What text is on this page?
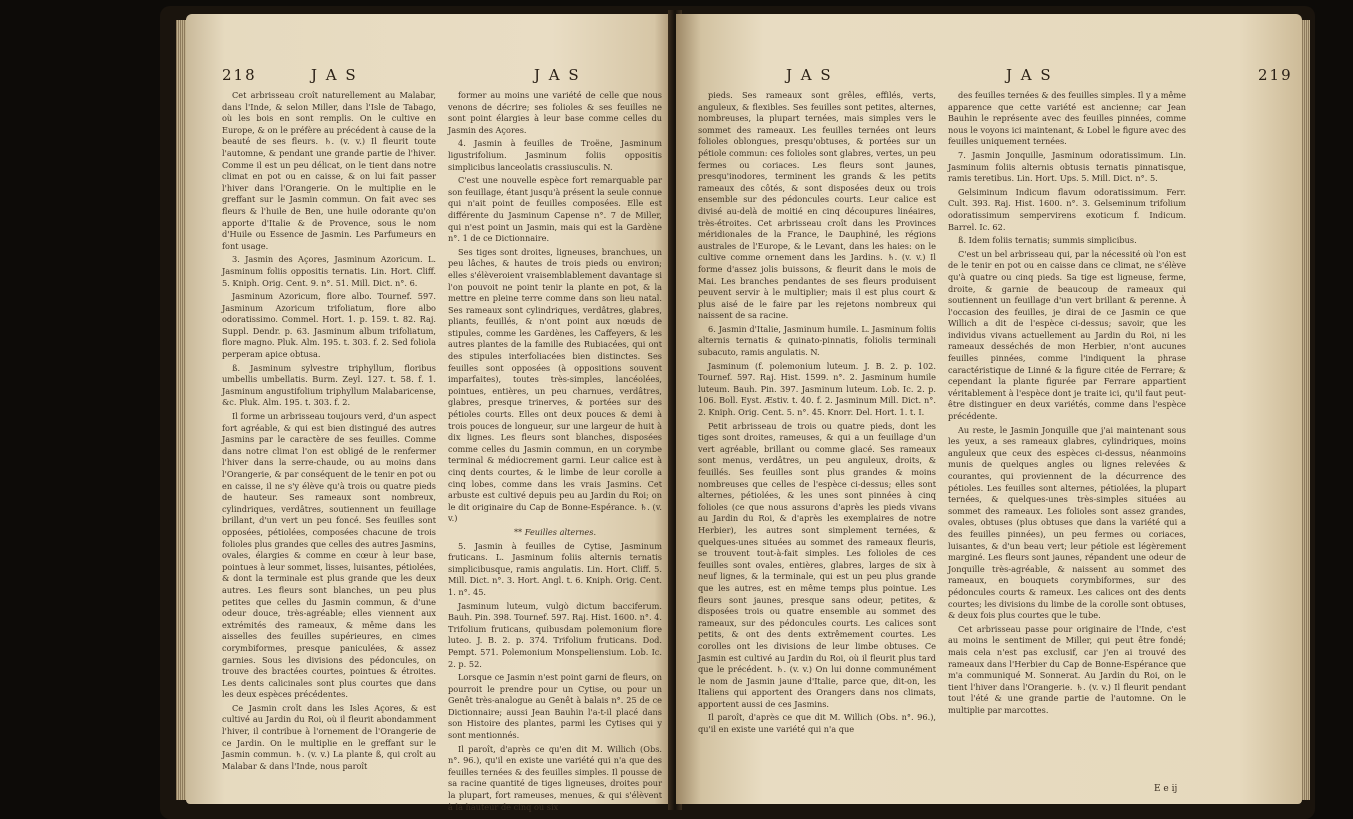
218	J A S	J A S

Cet arbrisseau croît naturellement au Malabar, dans l'Inde, & selon Miller, dans l'Isle de Tabago, où les bois en sont remplis. On le cultive en Europe, & on le préfère au précédent à cause de la beauté de ses fleurs. ♄. (v. v.) Il fleurit toute l'automne, & pendant une grande partie de l'hiver. Comme il est un peu délicat, on le tient dans notre climat en pot ou en caisse, & on lui fait passer l'hiver dans l'Orangerie. On le multiplie en le greffant sur le Jasmin commun. On fait avec ses fleurs & l'huile de Ben, une huile odorante qu'on apporte d'Italie & de Provence, sous le nom d'Huile ou Essence de Jasmin. Les Parfumeurs en font usage.

3. Jasmin des Açores, Jasminum Azoricum. L. Jasminum foliis oppositis ternatis. Lin. Hort. Cliff. 5. Kniph. Orig. Cent. 9. n°. 51. Mill. Dict. n°. 6.

Jasminum Azoricum, flore albo. Tournef. 597. Jasminum Azoricum trifoliatum, flore albo odoratissimo. Commel. Hort. 1. p. 159. t. 82. Raj. Suppl. Dendr. p. 63. Jasminum album trifoliatum, flore magno. Pluk. Alm. 195. t. 303. f. 2. Sed foliola perperam apice obtusa.

ß. Jasminum sylvestre triphyllum, floribus umbellis umbellatis. Burm. Zeyl. 127. t. 58. f. 1. Jasminum angustifolium triphyllum Malabaricense, &c. Pluk. Alm. 195. t. 303. f. 2.

Il forme un arbrisseau toujours verd, d'un aspect fort agréable, & qui est bien distingué des autres Jasmins par le caractère de ses feuilles. Comme dans notre climat l'on est obligé de le renfermer l'hiver dans la serre-chaude, ou au moins dans l'Orangerie, & par conséquent de le tenir en pot ou en caisse, il ne s'y élève qu'à trois ou quatre pieds de hauteur. Ses rameaux sont nombreux, cylindriques, verdâtres, soutiennent un feuillage brillant, d'un vert un peu foncé. Ses feuilles sont opposées, pétiolées, composées chacune de trois folioles plus grandes que celles des autres Jasmins, ovales, élargies & comme en cœur à leur base, pointues à leur sommet, lisses, luisantes, pétiolées, & dont la terminale est plus grande que les deux autres. Les fleurs sont blanches, un peu plus petites que celles du Jasmin commun, & d'une odeur douce, très-agréable; elles viennent aux extrémités des rameaux, & même dans les aisselles des feuilles supérieures, en cimes corymbiformes, presque paniculées, & assez garnies. Sous les divisions des pédoncules, on trouve des bractées courtes, pointues & étroites. Les dents calicinales sont plus courtes que dans les deux espèces précédentes.

Ce Jasmin croît dans les Isles Açores, & est cultivé au Jardin du Roi, où il fleurit abondamment l'hiver, il contribue à l'ornement de l'Orangerie de ce Jardin. On le multiplie en le greffant sur le Jasmin commun. ♄. (v. v.) La plante ß, qui croît au Malabar & dans l'Inde, nous paroît

former au moins une variété de celle que nous venons de décrire; ses folioles & ses feuilles ne sont point élargies à leur base comme celles du Jasmin des Açores.

4. Jasmin à feuilles de Troëne, Jasminum ligustrifolium. Jasminum foliis oppositis simplicibus lanceolatis crassiusculis. N.

C'est une nouvelle espèce fort remarquable par son feuillage, étant jusqu'à présent la seule connue qui n'ait point de feuilles composées. Elle est différente du Jasminum Capense n°. 7 de Miller, qui n'est point un Jasmin, mais qui est la Gardène n°. 1 de ce Dictionnaire.

Ses tiges sont droites, ligneuses, branchues, un peu lâches, & hautes de trois pieds ou environ; elles s'élèveroient vraisemblablement davantage si l'on pouvoit ne point tenir la plante en pot, & la mettre en pleine terre comme dans son lieu natal. Ses rameaux sont cylindriques, verdâtres, glabres, pliants, feuillés, & n'ont point aux nœuds de stipules, comme les Gardènes, les Caffeyers, & les autres plantes de la famille des Rubiacées, qui ont des stipules interfoliacées bien distinctes. Ses feuilles sont opposées (à oppositions souvent imparfaites), toutes très-simples, lancéolées, pointues, entières, un peu charnues, verdâtres, glabres, presque trinerves, & portées sur des pétioles courts. Elles ont deux pouces & demi à trois pouces de longueur, sur une largeur de huit à dix lignes. Les fleurs sont blanches, disposées comme celles du Jasmin commun, en un corymbe terminal & médiocrement garni. Leur calice est à cinq dents courtes, & le limbe de leur corolle a cinq lobes, comme dans les vrais Jasmins. Cet arbuste est cultivé depuis peu au Jardin du Roi; on le dit originaire du Cap de Bonne-Espérance. ♄. (v. v.)

** Feuilles alternes.

5. Jasmin à feuilles de Cytise, Jasminum fruticans. L. Jasminum foliis alternis ternatis simplicibusque, ramis angulatis. Lin. Hort. Cliff. 5. Mill. Dict. n°. 3. Hort. Angl. t. 6. Kniph. Orig. Cent. 1. n°. 45.

Jasminum luteum, vulgò dictum bacciferum. Bauh. Pin. 398. Tournef. 597. Raj. Hist. 1600. n°. 4. Trifolium fruticans, quibusdam polemonium flore luteo. J. B. 2. p. 374. Trifolium fruticans. Dod. Pempt. 571. Polemonium Monspeliensium. Lob. Ic. 2. p. 52.

Lorsque ce Jasmin n'est point garni de fleurs, on pourroit le prendre pour un Cytise, ou pour un Genêt très-analogue au Genêt à balais n°. 25 de ce Dictionnaire; aussi Jean Bauhin l'a-t-il placé dans son Histoire des plantes, parmi les Cytises qui y sont mentionnés.

Il paroît, d'après ce qu'en dit M. Willich (Obs. n°. 96.), qu'il en existe une variété qui n'a que des feuilles ternées & des feuilles simples. Il pousse de sa racine quantité de tiges ligneuses, droites pour la plupart, fort rameuses, menues, & qui s'élèvent à la hauteur de cinq ou six

J A S	J A S	219

pieds. Ses rameaux sont grêles, effilés, verts, anguleux, & flexibles. Ses feuilles sont petites, alternes, nombreuses, la plupart ternées, mais simples vers le sommet des rameaux. Les feuilles ternées ont leurs folioles oblongues, presqu'obtuses, & portées sur un pétiole commun: ces folioles sont glabres, vertes, un peu fermes ou coriaces. Les fleurs sont jaunes, presqu'inodores, terminent les grands & les petits rameaux des côtés, & sont disposées deux ou trois ensemble sur des pédoncules courts. Leur calice est divisé au-delà de moitié en cinq découpures linéaires, très-étroites. Cet arbrisseau croît dans les Provinces méridionales de la France, le Dauphiné, les régions australes de l'Europe, & le Levant, dans les haies: on le cultive comme ornement dans les Jardins. ♄. (v. v.) Il forme d'assez jolis buissons, & fleurit dans le mois de Mai. Les branches pendantes de ses fleurs produisent peuvent servir à le multiplier; mais il est plus court & plus aisé de le faire par les rejetons nombreux qui naissent de sa racine.

6. Jasmin d'Italie, Jasminum humile. L. Jasminum foliis alternis ternatis & quinato-pinnatis, foliolis terminali subacuto, ramis angulatis. N.

Jasminum (f. polemonium luteum. J. B. 2. p. 102. Tournef. 597. Raj. Hist. 1599. n°. 2. Jasminum humile luteum. Bauh. Pin. 397. Jasminum luteum. Lob. Ic. 2. p. 106. Boll. Eyst. Æstiv. t. 40. f. 2. Jasminum Mill. Dict. n°. 2. Kniph. Orig. Cent. 5. n°. 45. Knorr. Del. Hort. 1. t. I.

Petit arbrisseau de trois ou quatre pieds, dont les tiges sont droites, rameuses, & qui a un feuillage d'un vert agréable, brillant ou comme glacé. Ses rameaux sont menus, verdâtres, un peu anguleux, droits, & feuillés. Ses feuilles sont plus grandes & moins nombreuses que celles de l'espèce ci-dessus; elles sont alternes, pétiolées, & les unes sont pinnées à cinq folioles (ce que nous assurons d'après les pieds vivans au Jardin du Roi, & d'après les exemplaires de notre Herbier), les autres sont simplement ternées, & quelques-unes situées au sommet des rameaux fleuris, se trouvent tout-à-fait simples. Les folioles de ces feuilles sont ovales, entières, glabres, larges de six à neuf lignes, & la terminale, qui est un peu plus grande que les autres, est en même temps plus pointue. Les fleurs sont jaunes, presque sans odeur, petites, & disposées trois ou quatre ensemble au sommet des rameaux, sur des pédoncules courts. Les calices sont petits, & ont des dents extrêmement courtes. Les corolles ont les divisions de leur limbe obtuses. Ce Jasmin est cultivé au Jardin du Roi, où il fleurit plus tard que le précédent. ♄. (v. v.) On lui donne communément le nom de Jasmin jaune d'Italie, parce que, dit-on, les Italiens qui apportent des Orangers dans nos climats, apportent aussi de ces Jasmins.

Il paroît, d'après ce que dit M. Willich (Obs. n°. 96.), qu'il en existe une variété qui n'a que

des feuilles ternées & des feuilles simples. Il y a même apparence que cette variété est ancienne; car Jean Bauhin le représente avec des feuilles pinnées, comme nous le voyons ici maintenant, & Lobel le figure avec des feuilles uniquement ternées.

7. Jasmin Jonquille, Jasminum odoratissimum. Lin. Jasminum foliis alternis obtusis ternatis pinnatisque, ramis teretibus. Lin. Hort. Ups. 5. Mill. Dict. n°. 5.

Gelsiminum Indicum flavum odoratissimum. Ferr. Cult. 393. Raj. Hist. 1600. n°. 3. Gelseminum trifolium odoratissimum sempervirens exoticum f. Indicum. Barrel. Ic. 62.

ß. Idem foliis ternatis; summis simplicibus.

C'est un bel arbrisseau qui, par la nécessité où l'on est de le tenir en pot ou en caisse dans ce climat, ne s'élève qu'à quatre ou cinq pieds. Sa tige est ligneuse, ferme, droite, & garnie de beaucoup de rameaux qui soutiennent un feuillage d'un vert brillant & perenne. À l'occasion des feuilles, je dirai de ce Jasmin ce que Willich a dit de l'espèce ci-dessus; savoir, que les individus vivans actuellement au Jardin du Roi, ni les rameaux desséchés de mon Herbier, n'ont aucunes feuilles pinnées, comme l'indiquent la phrase caractéristique de Linné & la figure citée de Ferrare; & cependant la plante figurée par Ferrare appartient véritablement à l'espèce dont je traite ici, qu'il faut peut-être distinguer en deux variétés, comme dans l'espèce précédente.

Au reste, le Jasmin Jonquille que j'ai maintenant sous les yeux, a ses rameaux glabres, cylindriques, moins anguleux que ceux des espèces ci-dessus, néanmoins munis de quelques angles ou lignes relevées & courantes, qui proviennent de la décurrence des pétioles. Les feuilles sont alternes, pétiolées, la plupart ternées, & quelques-unes très-simples situées au sommet des rameaux. Les folioles sont assez grandes, ovales, obtuses (plus obtuses que dans la variété qui a des feuilles pinnées), un peu fermes ou coriaces, luisantes, & d'un beau vert; leur pétiole est légèrement marginé. Les fleurs sont jaunes, répandent une odeur de Jonquille très-agréable, & naissent au sommet des rameaux, en bouquets corymbiformes, sur des pédoncules courts & rameux. Les calices ont des dents courtes; les divisions du limbe de la corolle sont obtuses, & deux fois plus courtes que le tube.

Cet arbrisseau passe pour originaire de l'Inde, c'est au moins le sentiment de Miller, qui peut être fondé; mais cela n'est pas exclusif, car j'en ai trouvé des rameaux dans l'Herbier du Cap de Bonne-Espérance que m'a communiqué M. Sonnerat. Au Jardin du Roi, on le tient l'hiver dans l'Orangerie. ♄. (v. v.) Il fleurit pendant tout l'été & une grande partie de l'automne. On le multiplie par marcottes.

E e ij
